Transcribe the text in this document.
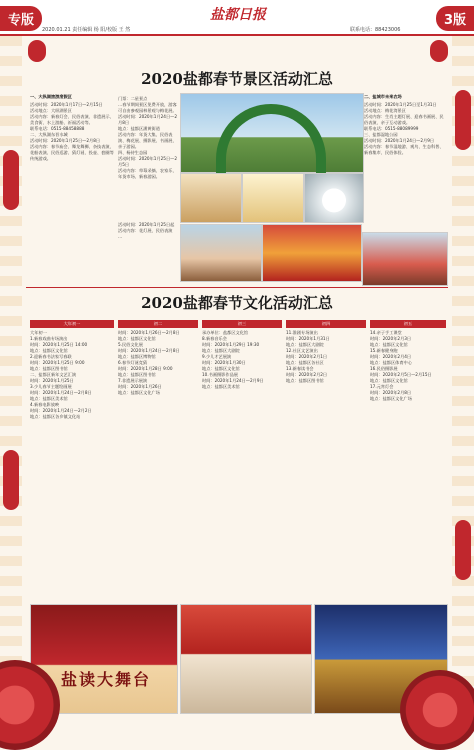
专版
2020.01.21 责任编辑 杨 阳/校版 王 然
盐都日报
联系电话：88423006
3版
2020盐都春节景区活动汇总
一、大纵湖旅游度假区

活动时间：2020年1月17日—2月15日
活动地点：大纵湖景区
活动内容：新春灯会、民俗表演、非遗展示、美食街、水上游船、祈福活动等。
联系电话：0515-88458888
二、大纵湖东晋水城
活动时间：2020年1月25日—2月8日
活动内容：春节庙会、舞龙舞狮、杂技表演、花船表演、民俗巡游、猜灯谜、投壶、套圈等传统游戏。

门票：二星景点
…春节期间景区免费开放，游客可自由参观园林景观与梅花展。
活动时间：2020年1月24日—2月8日
地点：盐都区潘黄街道
活动内容：年货大集、民俗表演、梅花展、摄影展、书画展、亲子游园。
四、杨侍生态园
活动时间：2020年1月25日—2月5日
活动内容：草莓采摘、农家乐、年货市场、新春游园。

二、盐城市未来农场

活动时间：2020年1月25日至1月31日
活动地点：梅花湾景区
活动内容：生肖主题灯展、迎春书画展、民俗表演、亲子互动游戏。
联系电话：0515-88089999
三、盐都湿地公园
活动时间：2020年1月24日—2月9日
活动内容：春节湿地游、观鸟、生态科普、新春集市、民俗体验。

活动时间：2020年1月25日起
活动内容：花灯展、民俗表演
…

2020盐都春节文化活动汇总
大年初一

大年初一
1.新春戏曲专场演出
时间：2020年1月25日 14:00
地点：盐都区文化馆
2.迎新春书法家写春联
时间：2020年1月25日 9:00
地点：盐都区图书馆
二、盐都区新年文艺汇演
时间：2020年1月25日
3.少儿春节主题绘画展
时间：2020年1月24日—2月8日
地点：盐都区美术馆
4.新春电影放映
时间：2020年1月24日—2月2日
地点：盐都区各乡镇文化站

初二

时间：2020年1月26日—2月8日
地点：盐都区文化馆
5.民俗文化展
时间：2020年1月24日—2月8日
地点：盐都区博物馆
6.春节灯谜竞猜
时间：2020年1月28日 9:00
地点：盐都区图书馆
7.非遗展示展演
时间：2020年1月26日
地点：盐都区文化广场

初三

承办单位：盐都区文化馆
8.新春音乐会
时间：2020年1月29日 19:30
地点：盐都区大剧院
9.少儿才艺展演
时间：2020年1月30日
地点：盐都区文化馆
10.书画摄影作品展
时间：2020年1月24日—2月9日
地点：盐都区美术馆

初四

11.淮剧专场演出
时间：2020年1月31日
地点：盐都区大剧院
12.社区文艺演出
时间：2020年2月1日
地点：盐都区各社区
13.新春读书会
时间：2020年2月2日
地点：盐都区图书馆

初五

14.亲子手工课堂
时间：2020年2月3日
地点：盐都区文化馆
15.新春健身跑
时间：2020年2月4日
地点：盐都区体育中心
16.民俗摄影展
时间：2020年2月5日—2月15日
地点：盐都区文化馆
17.元宵灯会
时间：2020年2月8日
地点：盐都区文化广场

盐读大舞台
